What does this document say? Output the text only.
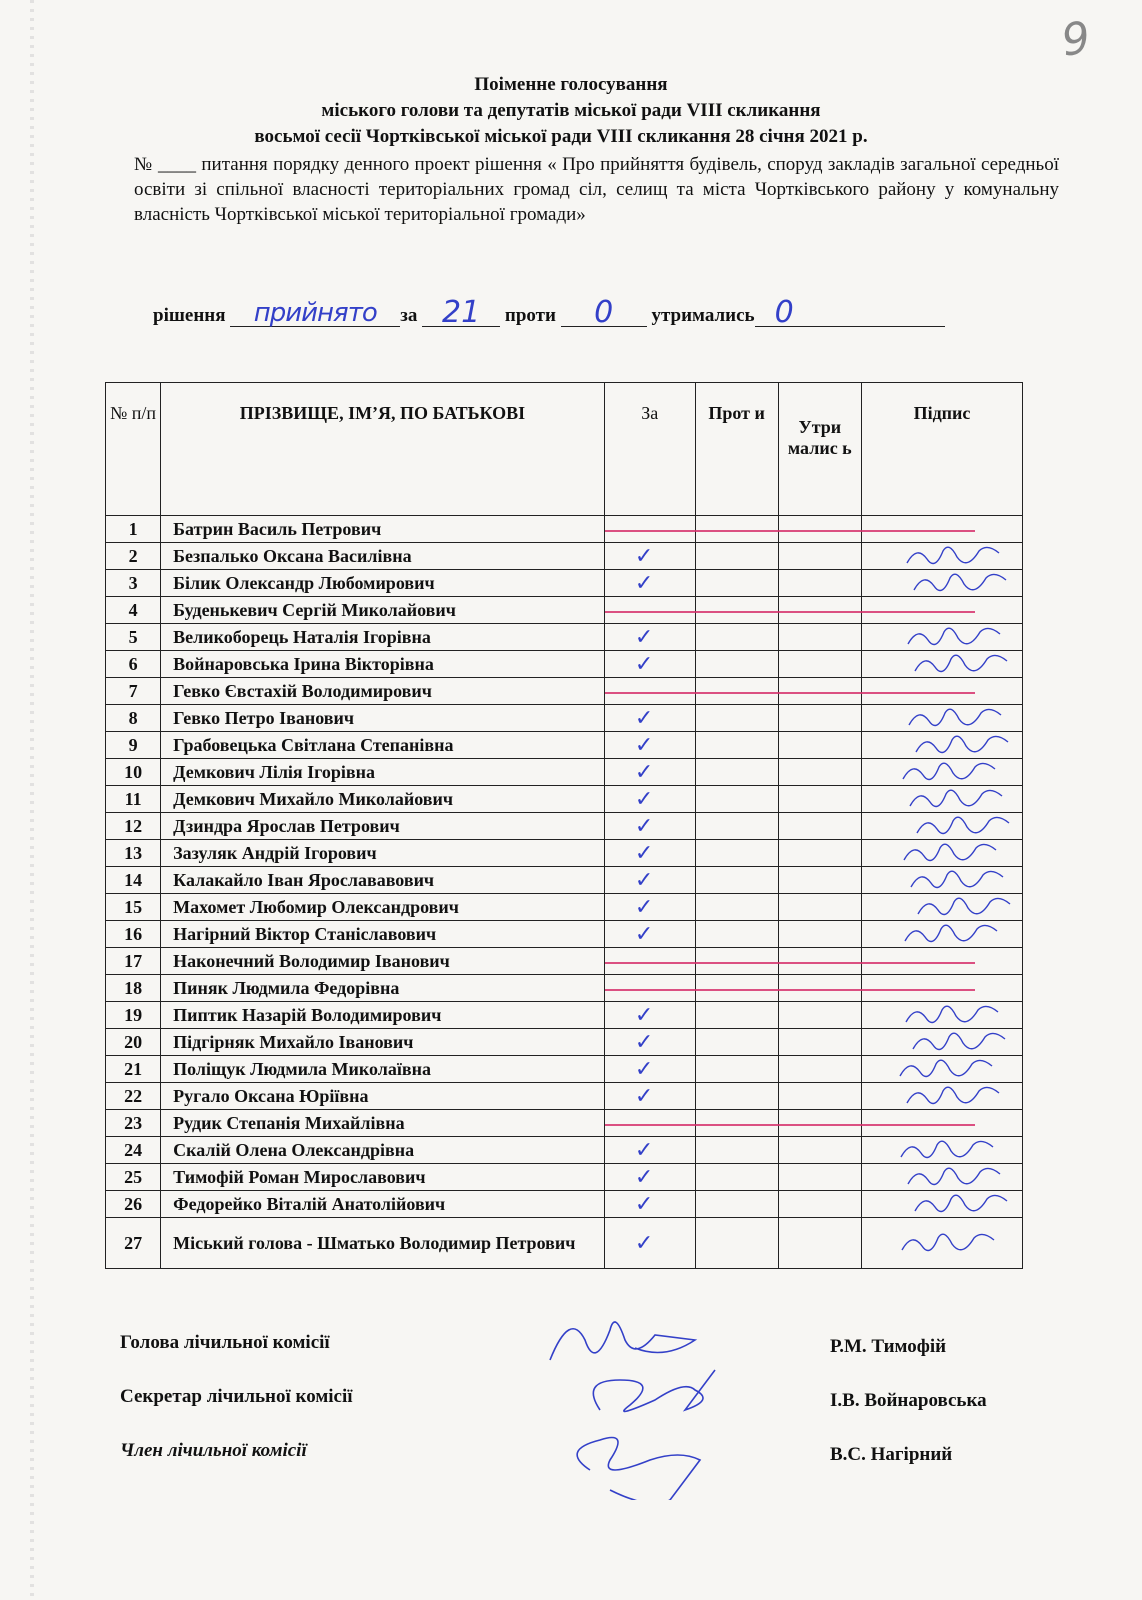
9
Поіменне голосування
міського голови та депутатів міської ради VIII скликання
восьмої сесії Чортківської міської ради VIII скликання 28 січня 2021 р.
№ ____ питання порядку денного проект рішення « Про прийняття будівель, споруд закладів загальної середньої освіти зі спільної власності територіальних громад сіл, селищ та міста Чортківського району у комунальну власність Чортківської міської територіальної громади»
рішення прийнято за 21 проти 0 утримались 0
№ п/п	ПРІЗВИЩЕ, ІМ’Я, ПО БАТЬКОВІ	За	Прот и	Утри малис ь	Підпис
1	Батрин Василь Петрович	

2	Безпалько Оксана Василівна	✓			

3	Білик Олександр Любомирович	✓			

4	Буденькевич Сергій Миколайович	

5	Великоборець Наталія Ігорівна	✓			

6	Войнаровська Ірина Вікторівна	✓			

7	Гевко Євстахій Володимирович	

8	Гевко Петро Іванович	✓			

9	Грабовецька Світлана Степанівна	✓			

10	Демкович Лілія Ігорівна	✓			

11	Демкович Михайло Миколайович	✓			

12	Дзиндра Ярослав Петрович	✓			

13	Зазуляк Андрій Ігорович	✓			

14	Калакайло Іван Ярослававович	✓			

15	Махомет Любомир Олександрович	✓			

16	Нагірний Віктор Станіславович	✓			

17	Наконечний Володимир Іванович	

18	Пиняк Людмила Федорівна	

19	Пиптик Назарій Володимирович	✓			

20	Підгірняк Михайло Іванович	✓			

21	Поліщук Людмила Миколаївна	✓			

22	Ругало Оксана Юріївна	✓			

23	Рудик Степанія Михайлівна	

24	Скалій Олена Олександрівна	✓			

25	Тимофій Роман Мирославович	✓			

26	Федорейко Віталій Анатолійович	✓			

27	Міський голова - Шматько Володимир Петрович	✓			
Голова лічильної комісії	Р.М. Тимофій
Секретар лічильної комісії	І.В. Войнаровська
Член лічильної комісії	В.С. Нагірний
